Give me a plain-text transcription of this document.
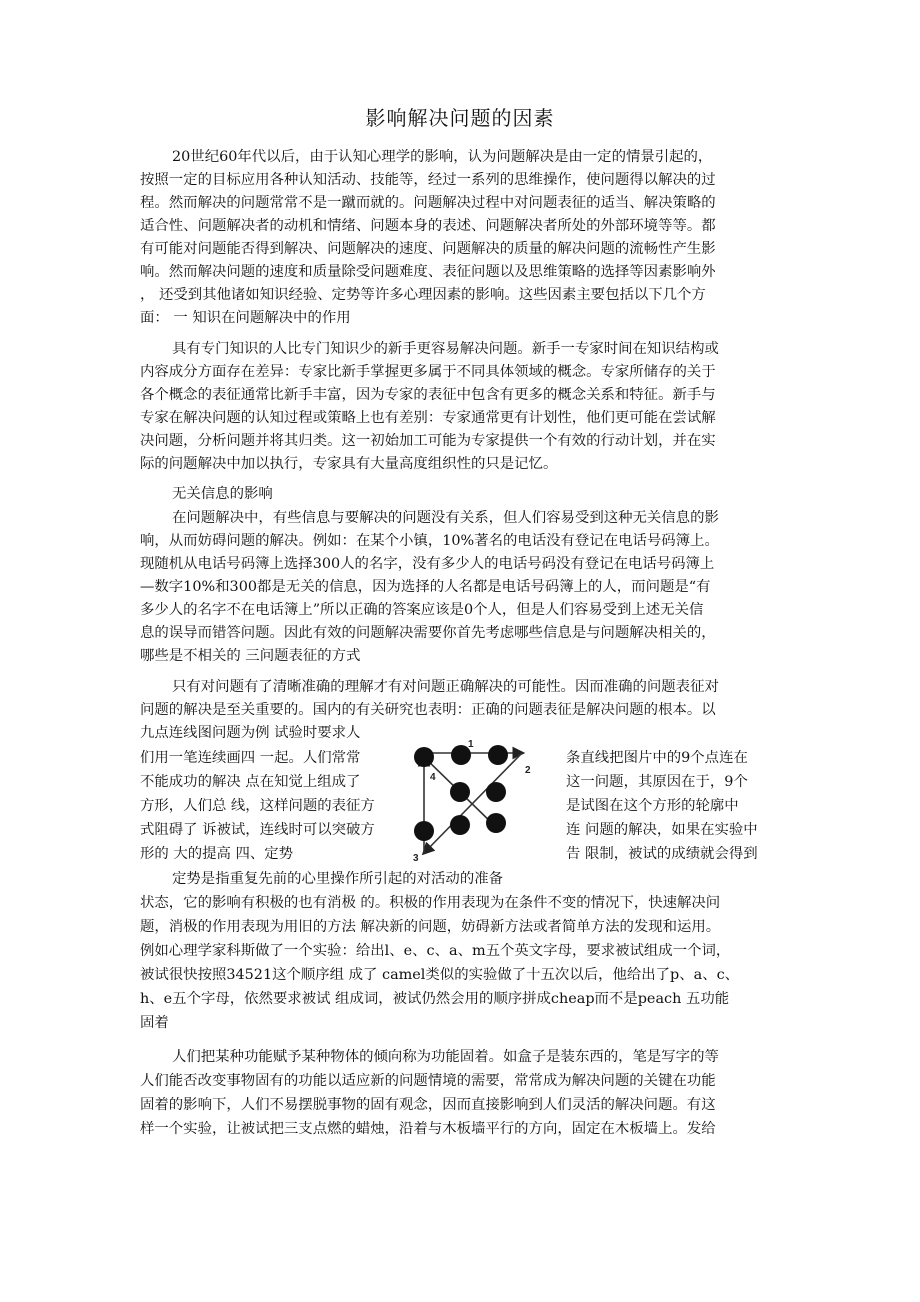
影响解决问题的因素

20世纪60年代以后，由于认知心理学的影响，认为问题解决是由一定的情景引起的，

按照一定的目标应用各种认知活动、技能等，经过一系列的思维操作，使问题得以解决的过

程。然而解决的问题常常不是一蹴而就的。问题解决过程中对问题表征的适当、解决策略的

适合性、问题解决者的动机和情绪、问题本身的表述、问题解决者所处的外部环境等等。都

有可能对问题能否得到解决、问题解决的速度、问题解决的质量的解决问题的流畅性产生影

响。然而解决问题的速度和质量除受问题难度、表征问题以及思维策略的选择等因素影响外

， 还受到其他诸如知识经验、定势等许多心理因素的影响。这些因素主要包括以下几个方

面： 一 知识在问题解决中的作用

具有专门知识的人比专门知识少的新手更容易解决问题。新手一专家时间在知识结构或

内容成分方面存在差异：专家比新手掌握更多属于不同具体领域的概念。专家所储存的关于

各个概念的表征通常比新手丰富，因为专家的表征中包含有更多的概念关系和特征。新手与

专家在解决问题的认知过程或策略上也有差别：专家通常更有计划性，他们更可能在尝试解

决问题，分析问题并将其归类。这一初始加工可能为专家提供一个有效的行动计划，并在实

际的问题解决中加以执行，专家具有大量高度组织性的只是记忆。

无关信息的影响

在问题解决中，有些信息与要解决的问题没有关系，但人们容易受到这种无关信息的影

响，从而妨碍问题的解决。例如：在某个小镇，10%著名的电话没有登记在电话号码簿上。

现随机从电话号码簿上选择300人的名字，没有多少人的电话号码没有登记在电话号码簿上

—数字10%和300都是无关的信息，因为选择的人名都是电话号码簿上的人，而问题是“有

多少人的名字不在电话簿上”所以正确的答案应该是0个人，但是人们容易受到上述无关信

息的误导而错答问题。因此有效的问题解决需要你首先考虑哪些信息是与问题解决相关的，

哪些是不相关的 三问题表征的方式

只有对问题有了清晰准确的理解才有对问题正确解决的可能性。因而准确的问题表征对

问题的解决是至关重要的。国内的有关研究也表明：正确的问题表征是解决问题的根本。以

九点连线图问题为例 试验时要求人

们用一笔连续画四 一起。人们常常

不能成功的解决 点在知觉上组成了

方形，人们总 线，这样问题的表征方

式阻碍了 诉被试，连线时可以突破方

形的 大的提高 四、定势

条直线把图片中的9个点连在

这一问题，其原因在于，9个

是试图在这个方形的轮廓中

连 问题的解决，如果在实验中

告 限制，被试的成绩就会得到

1
2
3
4

定势是指重复先前的心里操作所引起的对活动的准备

状态，它的影响有积极的也有消极 的。积极的作用表现为在条件不变的情况下，快速解决问

题，消极的作用表现为用旧的方法 解决新的问题，妨碍新方法或者简单方法的发现和运用。

例如心理学家科斯做了一个实验：给出l、e、c、a、m五个英文字母，要求被试组成一个词，

被试很快按照34521这个顺序组 成了 camel类似的实验做了十五次以后，他给出了p、a、c、

h、e五个字母，依然要求被试 组成词，被试仍然会用的顺序拼成cheap而不是peach 五功能

固着

人们把某种功能赋予某种物体的倾向称为功能固着。如盒子是装东西的，笔是写字的等

人们能否改变事物固有的功能以适应新的问题情境的需要，常常成为解决问题的关键在功能

固着的影响下，人们不易摆脱事物的固有观念，因而直接影响到人们灵活的解决问题。有这

样一个实验，让被试把三支点燃的蜡烛，沿着与木板墙平行的方向，固定在木板墙上。发给
